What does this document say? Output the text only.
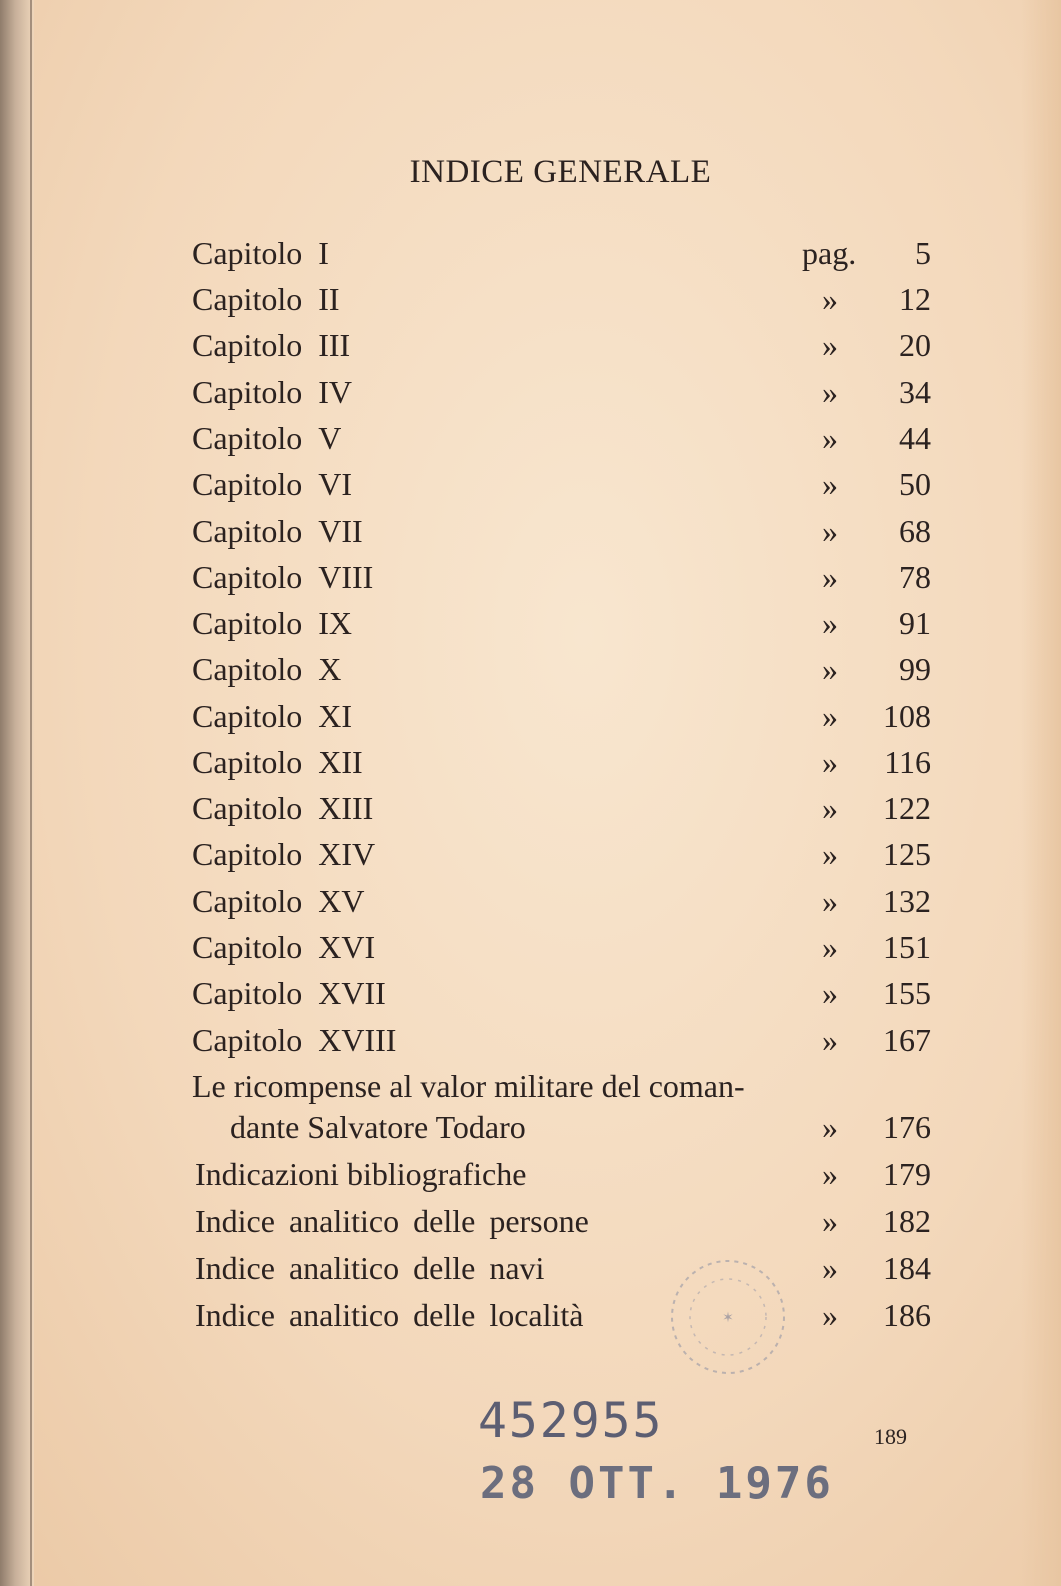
INDICE GENERALE
Capitolo I	pag.	5
Capitolo II	»	12
Capitolo III	»	20
Capitolo IV	»	34
Capitolo V	»	44
Capitolo VI	»	50
Capitolo VII	»	68
Capitolo VIII	»	78
Capitolo IX	»	91
Capitolo X	»	99
Capitolo XI	»	108
Capitolo XII	»	116
Capitolo XIII	»	122
Capitolo XIV	»	125
Capitolo XV	»	132
Capitolo XVI	»	151
Capitolo XVII	»	155
Capitolo XVIII	»	167
Le ricompense al valor militare del coman-
dante Salvatore Todaro	»	176
Indicazioni bibliografiche	»	179
Indice analitico delle persone	»	182
Indice analitico delle navi	»	184
Indice analitico delle località	»	186
✶
452955
28 OTT. 1976
189
